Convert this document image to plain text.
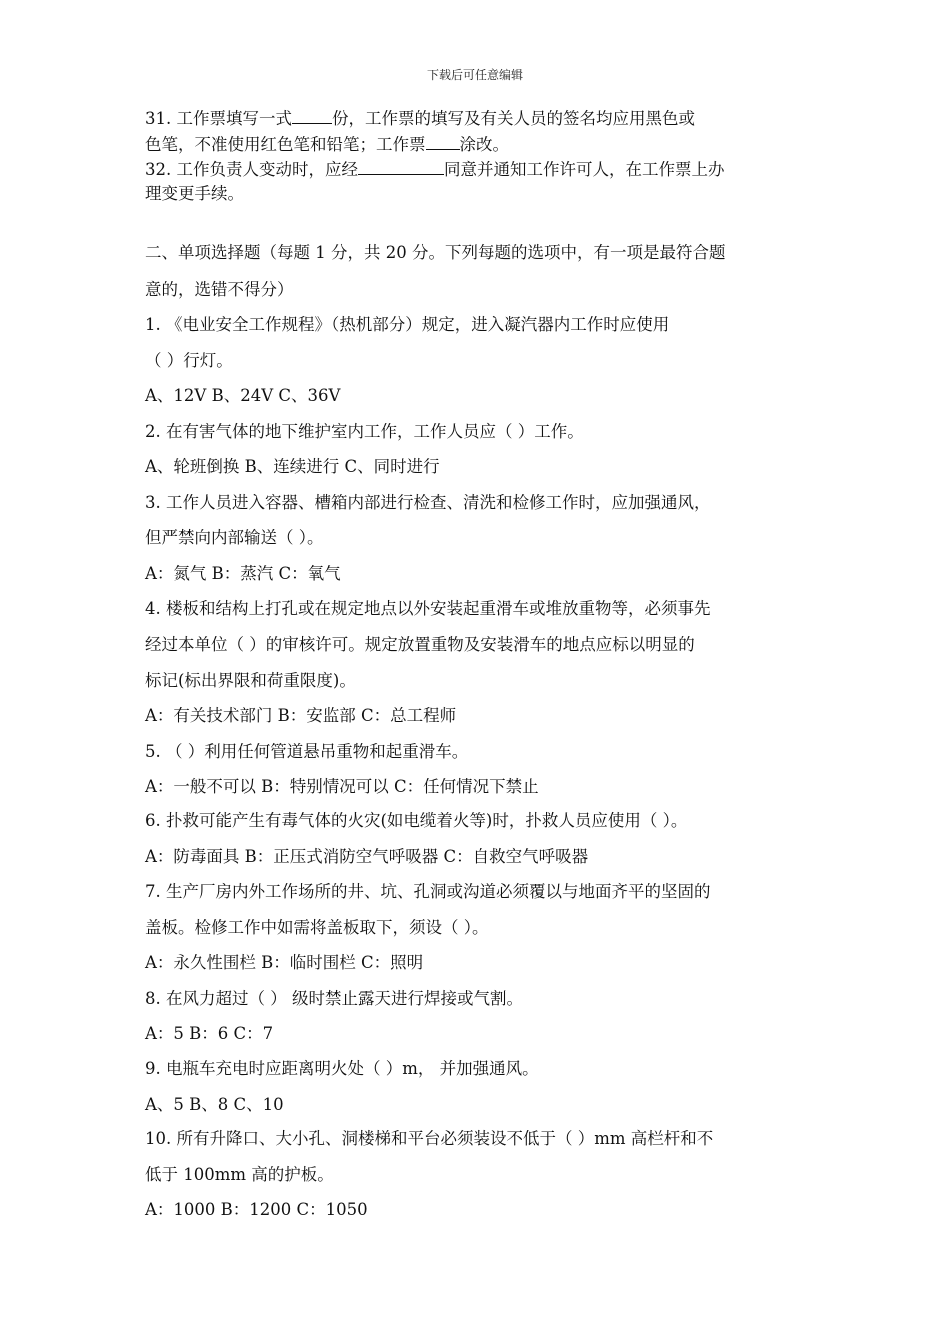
下载后可任意编辑
31. 工作票填写一式 份，工作票的填写及有关人员的签名均应用黑色或
色笔，不准使用红色笔和铅笔；工作票 涂改。
32. 工作负责人变动时，应经	同意并通知工作许可人，在工作票上办
理变更手续。
二、单项选择题（每题 1 分，共 20 分。下列每题的选项中，有一项是最符合题
意的，选错不得分）
1. 《电业安全工作规程》（热机部分）规定，进入凝汽器内工作时应使用
（ ）行灯。
A、12V B、24V C、36V
2. 在有害气体的地下维护室内工作，工作人员应（ ）工作。
A、轮班倒换 B、连续进行 C、同时进行
3. 工作人员进入容器、槽箱内部进行检查、清洗和检修工作时，应加强通风，
但严禁向内部输送（ ）。
A：氮气 B：蒸汽 C：氧气
4. 楼板和结构上打孔或在规定地点以外安装起重滑车或堆放重物等，必须事先
经过本单位（ ）的审核许可。规定放置重物及安装滑车的地点应标以明显的
标记(标出界限和荷重限度)。
A：有关技术部门 B：安监部 C：总工程师
5. （ ）利用任何管道悬吊重物和起重滑车。
A：一般不可以 B：特别情况可以 C：任何情况下禁止
6. 扑救可能产生有毒气体的火灾(如电缆着火等)时，扑救人员应使用（ ）。
A：防毒面具 B：正压式消防空气呼吸器 C：自救空气呼吸器
7. 生产厂房内外工作场所的井、坑、孔洞或沟道必须覆以与地面齐平的坚固的
盖板。检修工作中如需将盖板取下，须设（ ）。
A：永久性围栏 B：临时围栏 C：照明
8. 在风力超过（ ） 级时禁止露天进行焊接或气割。
A：5 B：6 C：7
9. 电瓶车充电时应距离明火处（ ）m， 并加强通风。
A、5 B、8 C、10
10. 所有升降口、大小孔、洞楼梯和平台必须装设不低于（ ）mm 高栏杆和不
低于 100mm 高的护板。
A：1000 B：1200 C：1050
